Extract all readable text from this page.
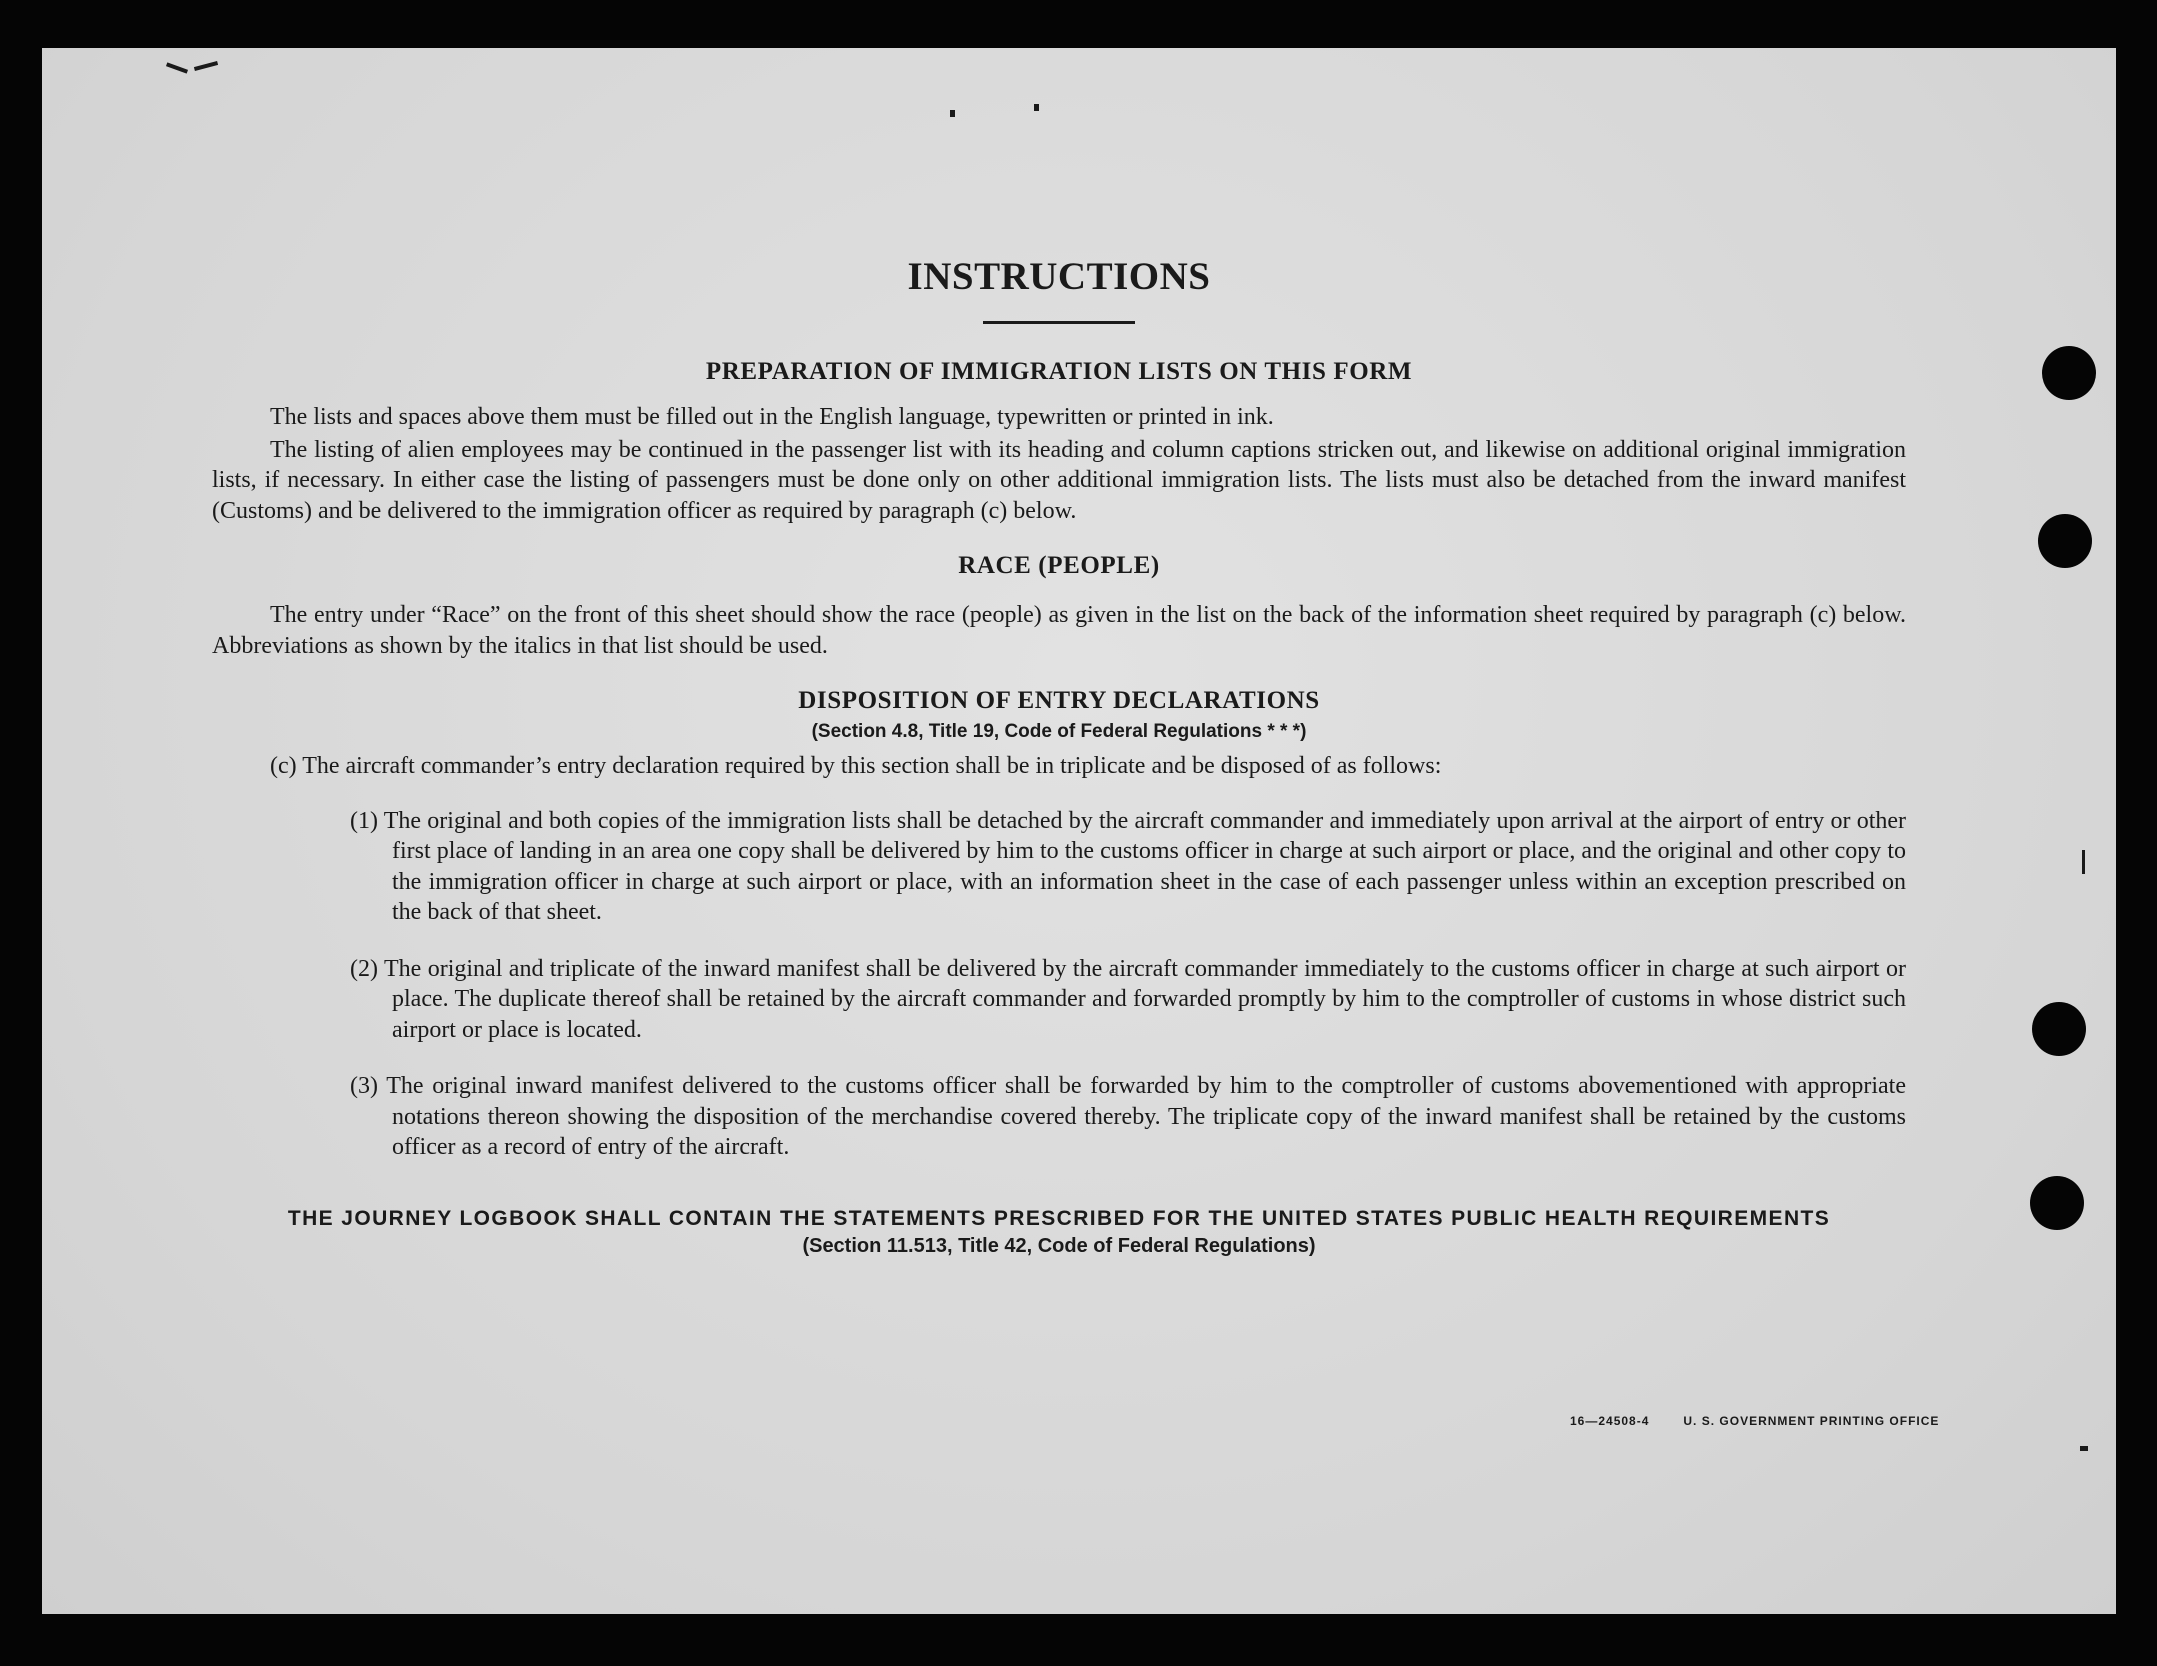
INSTRUCTIONS
PREPARATION OF IMMIGRATION LISTS ON THIS FORM

The lists and spaces above them must be filled out in the English language, typewritten or printed in ink.

The listing of alien employees may be continued in the passenger list with its heading and column captions stricken out, and likewise on additional original immigration lists, if necessary. In either case the listing of passengers must be done only on other additional immigration lists. The lists must also be detached from the inward manifest (Customs) and be delivered to the immigration officer as required by paragraph (c) below.

RACE (PEOPLE)

The entry under “Race” on the front of this sheet should show the race (people) as given in the list on the back of the information sheet required by paragraph (c) below. Abbreviations as shown by the italics in that list should be used.

DISPOSITION OF ENTRY DECLARATIONS
(Section 4.8, Title 19, Code of Federal Regulations * * *)
(c) The aircraft commander’s entry declaration required by this section shall be in triplicate and be disposed of as follows:
(1) The original and both copies of the immigration lists shall be detached by the aircraft commander and immediately upon arrival at the airport of entry or other first place of landing in an area one copy shall be delivered by him to the customs officer in charge at such airport or place, and the original and other copy to the immigration officer in charge at such airport or place, with an information sheet in the case of each passenger unless within an exception prescribed on the back of that sheet.
(2) The original and triplicate of the inward manifest shall be delivered by the aircraft commander immediately to the customs officer in charge at such airport or place. The duplicate thereof shall be retained by the aircraft commander and forwarded promptly by him to the comptroller of customs in whose district such airport or place is located.
(3) The original inward manifest delivered to the customs officer shall be forwarded by him to the comptroller of customs abovementioned with appropriate notations thereon showing the disposition of the merchandise covered thereby. The triplicate copy of the inward manifest shall be retained by the customs officer as a record of entry of the aircraft.
THE JOURNEY LOGBOOK SHALL CONTAIN THE STATEMENTS PRESCRIBED FOR THE UNITED STATES PUBLIC HEALTH REQUIREMENTS
(Section 11.513, Title 42, Code of Federal Regulations)
16—24508-4	U. S. GOVERNMENT PRINTING OFFICE
